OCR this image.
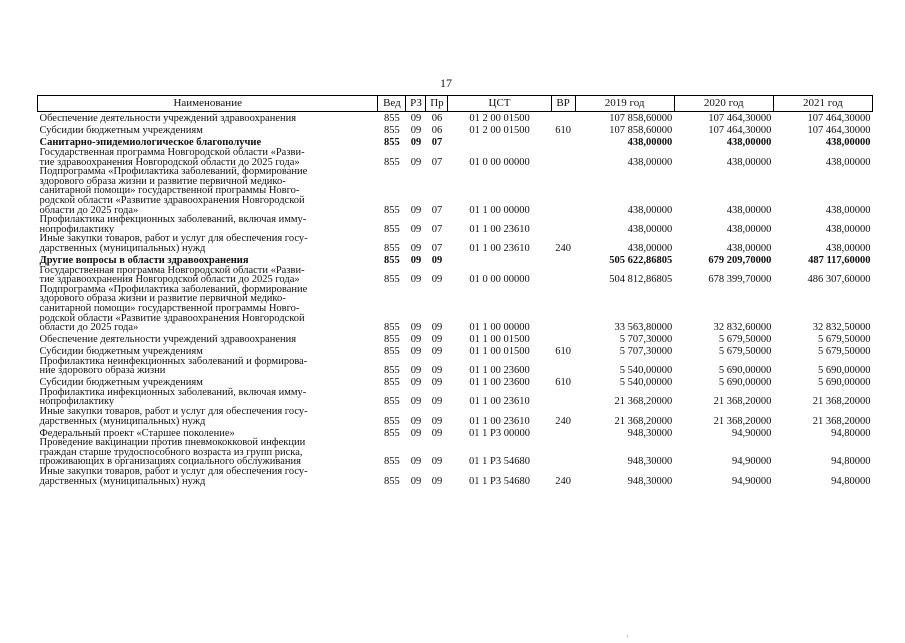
17
Наименование	Вед	РЗ	Пр	ЦСТ	ВР	2019 год	2020 год	2021 год
Обеспечение деятельности учреждений здравоохранения	855	09	06	01 2 00 01500		107 858,60000	107 464,30000	107 464,30000
Субсидии бюджетным учреждениям	855	09	06	01 2 00 01500	610	107 858,60000	107 464,30000	107 464,30000
Санитарно-эпидемиологическое благополучие	855	09	07			438,00000	438,00000	438,00000
Государственная программа Новгородской области «Разви-
тие здравоохранения Новгородской области до 2025 года»	855	09	07	01 0 00 00000		438,00000	438,00000	438,00000
Подпрограмма «Профилактика заболеваний, формирование
здорового образа жизни и развитие первичной медико-
санитарной помощи» государственной программы Новго-
родской области «Развитие здравоохранения Новгородской
области до 2025 года»	855	09	07	01 1 00 00000		438,00000	438,00000	438,00000
Профилактика инфекционных заболеваний, включая имму-
нопрофилактику	855	09	07	01 1 00 23610		438,00000	438,00000	438,00000
Иные закупки товаров, работ и услуг для обеспечения госу-
дарственных (муниципальных) нужд	855	09	07	01 1 00 23610	240	438,00000	438,00000	438,00000
Другие вопросы в области здравоохранения	855	09	09			505 622,86805	679 209,70000	487 117,60000
Государственная программа Новгородской области «Разви-
тие здравоохранения Новгородской области до 2025 года»	855	09	09	01 0 00 00000		504 812,86805	678 399,70000	486 307,60000
Подпрограмма «Профилактика заболеваний, формирование
здорового образа жизни и развитие первичной медико-
санитарной помощи» государственной программы Новго-
родской области «Развитие здравоохранения Новгородской
области до 2025 года»	855	09	09	01 1 00 00000		33 563,80000	32 832,60000	32 832,50000
Обеспечение деятельности учреждений здравоохранения	855	09	09	01 1 00 01500		5 707,30000	5 679,50000	5 679,50000
Субсидии бюджетным учреждениям	855	09	09	01 1 00 01500	610	5 707,30000	5 679,50000	5 679,50000
Профилактика неинфекционных заболеваний и формирова-
ние здорового образа жизни	855	09	09	01 1 00 23600		5 540,00000	5 690,00000	5 690,00000
Субсидии бюджетным учреждениям	855	09	09	01 1 00 23600	610	5 540,00000	5 690,00000	5 690,00000
Профилактика инфекционных заболеваний, включая имму-
нопрофилактику	855	09	09	01 1 00 23610		21 368,20000	21 368,20000	21 368,20000
Иные закупки товаров, работ и услуг для обеспечения госу-
дарственных (муниципальных) нужд	855	09	09	01 1 00 23610	240	21 368,20000	21 368,20000	21 368,20000
Федеральный проект «Старшее поколение»	855	09	09	01 1 Р3 00000		948,30000	94,90000	94,80000
Проведение вакцинации против пневмококковой инфекции
граждан старше трудоспособного возраста из групп риска,
проживающих в организациях социального обслуживания	855	09	09	01 1 Р3 54680		948,30000	94,90000	94,80000
Иные закупки товаров, работ и услуг для обеспечения госу-
дарственных (муниципальных) нужд	855	09	09	01 1 Р3 54680	240	948,30000	94,90000	94,80000
'
